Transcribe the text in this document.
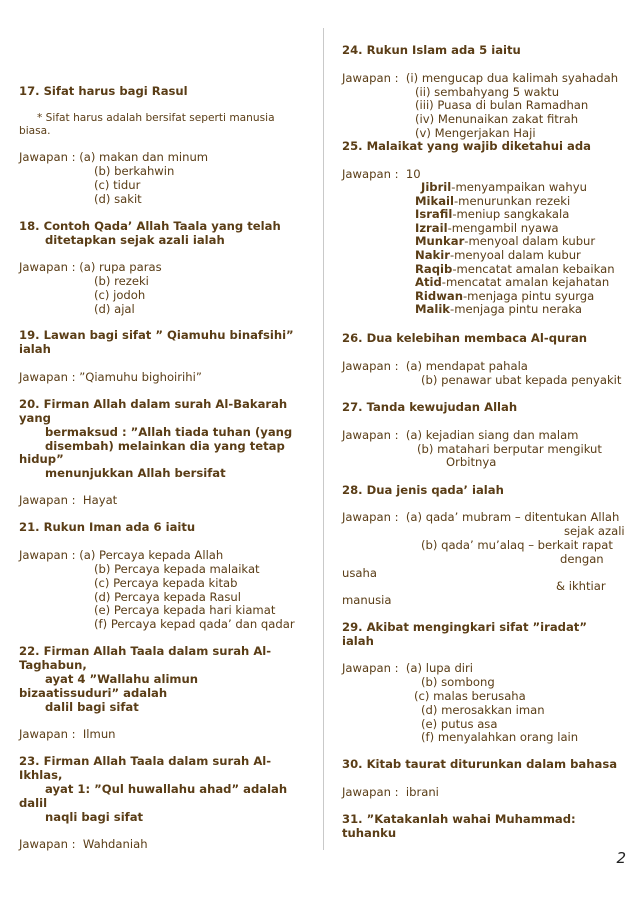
17. Sifat harus bagi Rasul
* Sifat harus adalah bersifat seperti manusia
biasa.
Jawapan : (a) makan dan minum
(b) berkahwin
(c) tidur
(d) sakit
18. Contoh Qada’ Allah Taala yang telah
ditetapkan sejak azali ialah
Jawapan : (a) rupa paras
(b) rezeki
(c) jodoh
(d) ajal
19. Lawan bagi sifat ” Qiamuhu binafsihi”
ialah
Jawapan : ”Qiamuhu bighoirihi”
20. Firman Allah dalam surah Al-Bakarah
yang
bermaksud : ”Allah tiada tuhan (yang
disembah) melainkan dia yang tetap
hidup”
menunjukkan Allah bersifat
Jawapan :  Hayat
21. Rukun Iman ada 6 iaitu
Jawapan : (a) Percaya kepada Allah
(b) Percaya kepada malaikat
(c) Percaya kepada kitab
(d) Percaya kepada Rasul
(e) Percaya kepada hari kiamat
(f) Percaya kepad qada’ dan qadar
22. Firman Allah Taala dalam surah Al-
Taghabun,
ayat 4 ”Wallahu alimun
bizaatissuduri” adalah
dalil bagi sifat
Jawapan :  Ilmun
23. Firman Allah Taala dalam surah Al-
Ikhlas,
ayat 1: ”Qul huwallahu ahad” adalah
dalil
naqli bagi sifat
Jawapan :  Wahdaniah
24. Rukun Islam ada 5 iaitu
Jawapan :  (i) mengucap dua kalimah syahadah
(ii) sembahyang 5 waktu
(iii) Puasa di bulan Ramadhan
(iv) Menunaikan zakat fitrah
(v) Mengerjakan Haji
25. Malaikat yang wajib diketahui ada
Jawapan :  10
Jibril-menyampaikan wahyu
Mikail-menurunkan rezeki
Israfil-meniup sangkakala
Izrail-mengambil nyawa
Munkar-menyoal dalam kubur
Nakir-menyoal dalam kubur
Raqib-mencatat amalan kebaikan
Atid-mencatat amalan kejahatan
Ridwan-menjaga pintu syurga
Malik-menjaga pintu neraka
26. Dua kelebihan membaca Al-quran
Jawapan :  (a) mendapat pahala
(b) penawar ubat kepada penyakit
27. Tanda kewujudan Allah
Jawapan :  (a) kejadian siang dan malam
(b) matahari berputar mengikut
Orbitnya
28. Dua jenis qada’ ialah
Jawapan :  (a) qada’ mubram – ditentukan Allah
sejak azali
(b) qada’ mu’alaq – berkait rapat
dengan
usaha
& ikhtiar
manusia
29. Akibat mengingkari sifat ”iradat”
ialah
Jawapan :  (a) lupa diri
(b) sombong
(c) malas berusaha
(d) merosakkan iman
(e) putus asa
(f) menyalahkan orang lain
30. Kitab taurat diturunkan dalam bahasa
Jawapan :  ibrani
31. ”Katakanlah wahai Muhammad:
tuhanku
2
